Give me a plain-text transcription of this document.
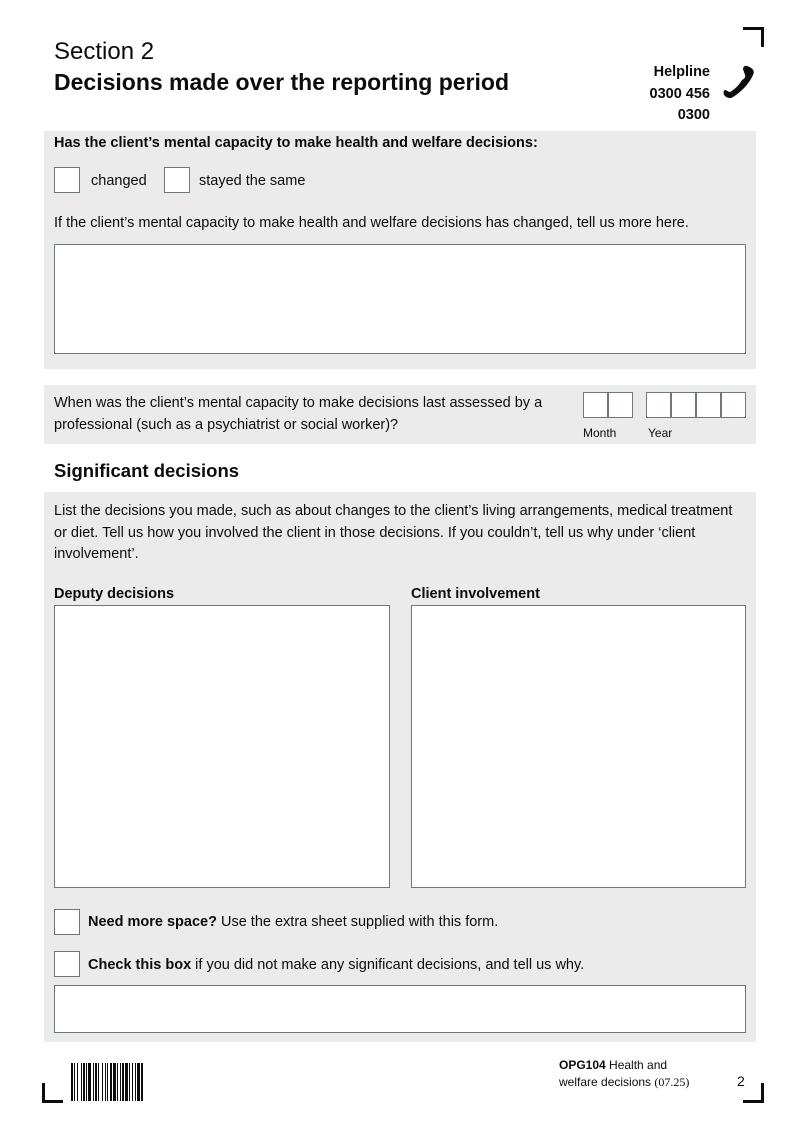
Section 2
Decisions made over the reporting period	Helpline
0300 456
0300
Has the client’s mental capacity to make health and welfare decisions:
changed	stayed the same
If the client’s mental capacity to make health and welfare decisions has changed, tell us more here.
When was the client’s mental capacity to make decisions last assessed by a professional (such as a psychiatrist or social worker)?
Month	Year
Significant decisions
List the decisions you made, such as about changes to the client’s living arrangements, medical treatment or diet. Tell us how you involved the client in those decisions. If you couldn’t, tell us why under ‘client involvement’.
Deputy decisions	Client involvement
Need more space? Use the extra sheet supplied with this form.
Check this box if you did not make any significant decisions, and tell us why.
OPG104 Health and
welfare decisions (07.25)	2
